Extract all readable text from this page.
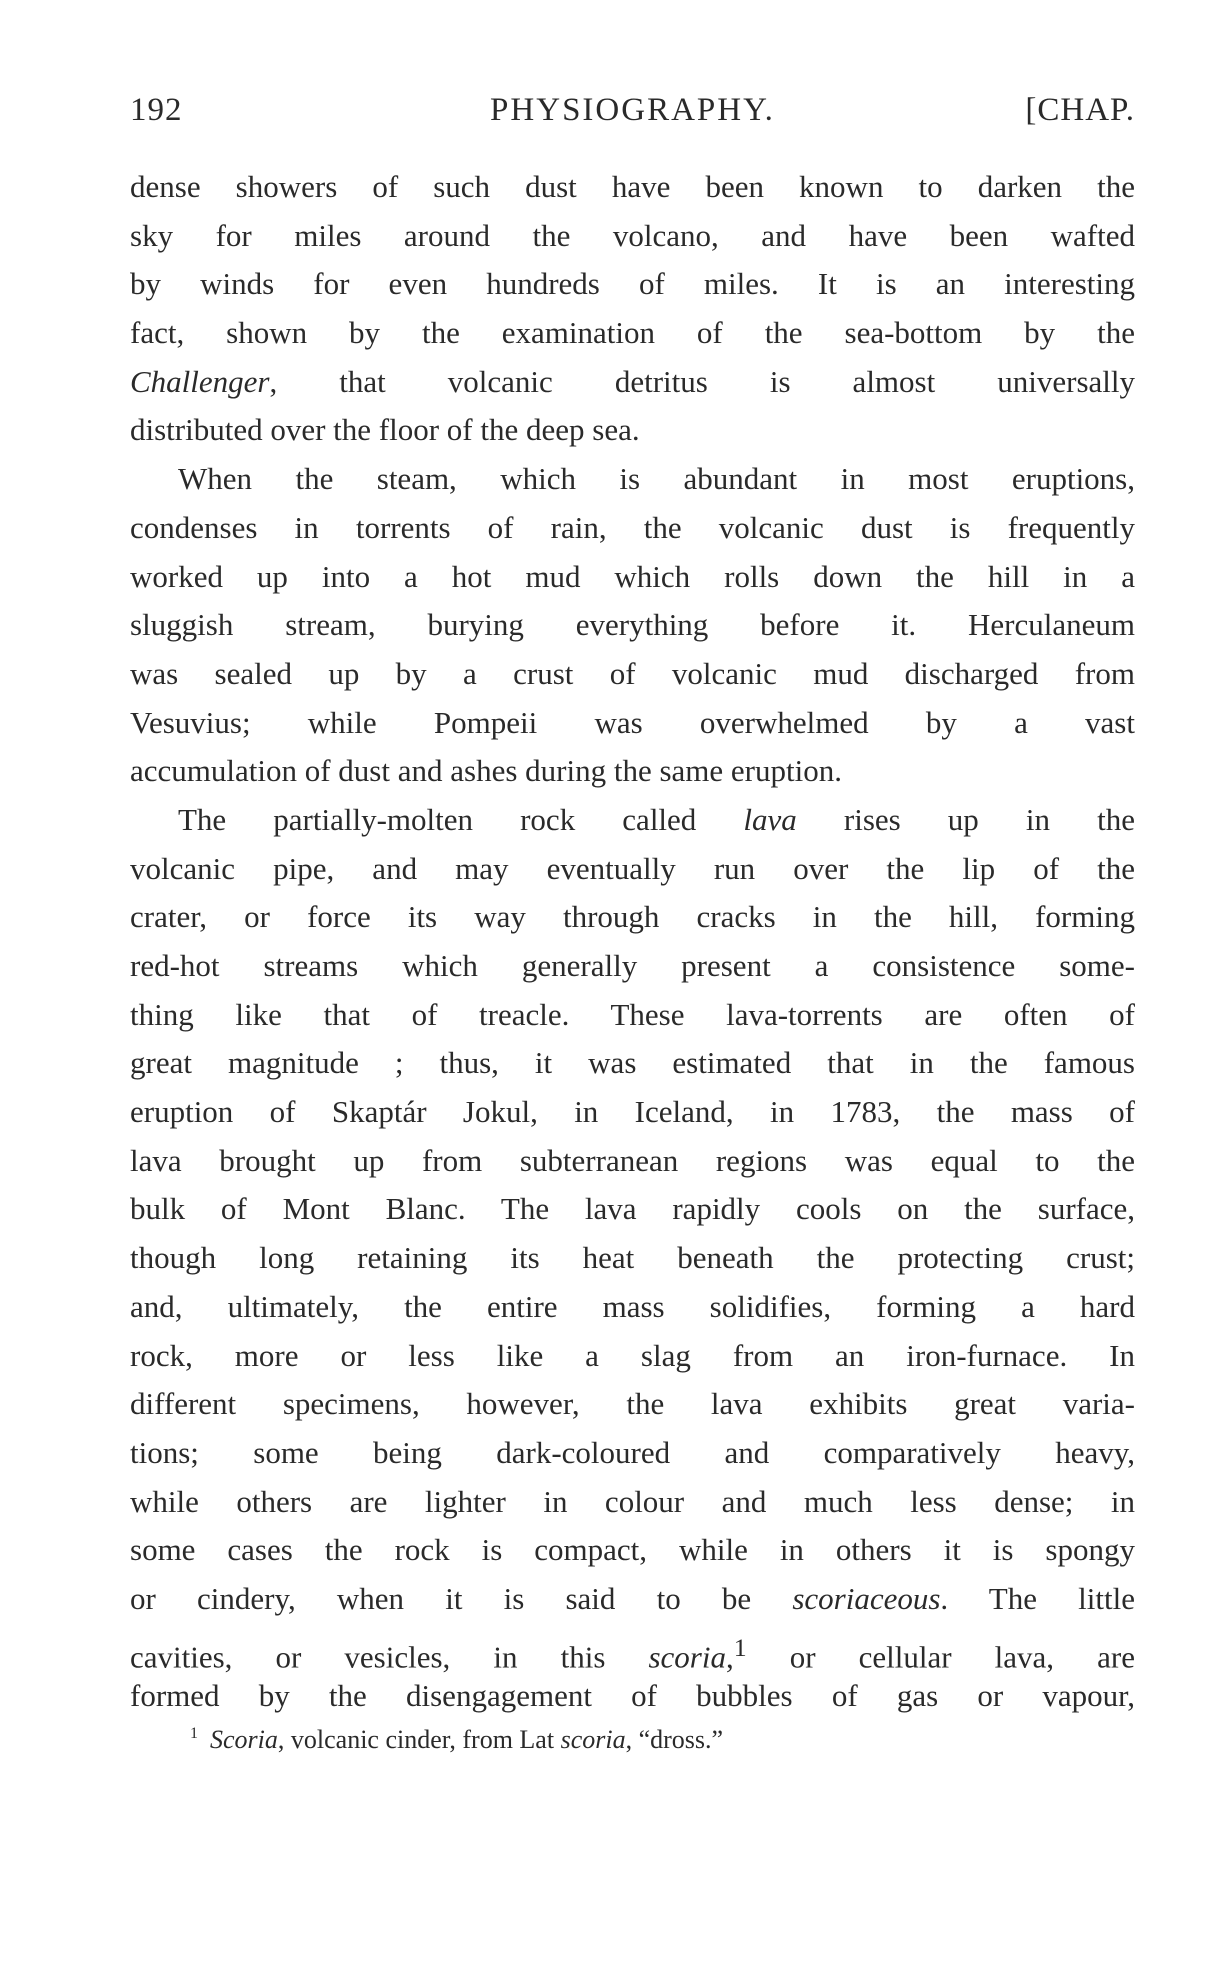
192	PHYSIOGRAPHY.	[CHAP.
dense showers of such dust have been known to darken the
sky for miles around the volcano, and have been wafted
by winds for even hundreds of miles. It is an interesting
fact, shown by the examination of the sea-bottom by the
Challenger, that volcanic detritus is almost universally
distributed over the floor of the deep sea.
When the steam, which is abundant in most eruptions,
condenses in torrents of rain, the volcanic dust is frequently
worked up into a hot mud which rolls down the hill in a
sluggish stream, burying everything before it. Herculaneum
was sealed up by a crust of volcanic mud discharged from
Vesuvius; while Pompeii was overwhelmed by a vast
accumulation of dust and ashes during the same eruption.
The partially-molten rock called lava rises up in the
volcanic pipe, and may eventually run over the lip of the
crater, or force its way through cracks in the hill, forming
red-hot streams which generally present a consistence some-
thing like that of treacle. These lava-torrents are often of
great magnitude ; thus, it was estimated that in the famous
eruption of Skaptár Jokul, in Iceland, in 1783, the mass of
lava brought up from subterranean regions was equal to the
bulk of Mont Blanc. The lava rapidly cools on the surface,
though long retaining its heat beneath the protecting crust;
and, ultimately, the entire mass solidifies, forming a hard
rock, more or less like a slag from an iron-furnace. In
different specimens, however, the lava exhibits great varia-
tions; some being dark-coloured and comparatively heavy,
while others are lighter in colour and much less dense; in
some cases the rock is compact, while in others it is spongy
or cindery, when it is said to be scoriaceous. The little
cavities, or vesicles, in this scoria,$^1$ or cellular lava, are
formed by the disengagement of bubbles of gas or vapour,
$^1$ Scoria, volcanic cinder, from Lat scoria, “dross.”
